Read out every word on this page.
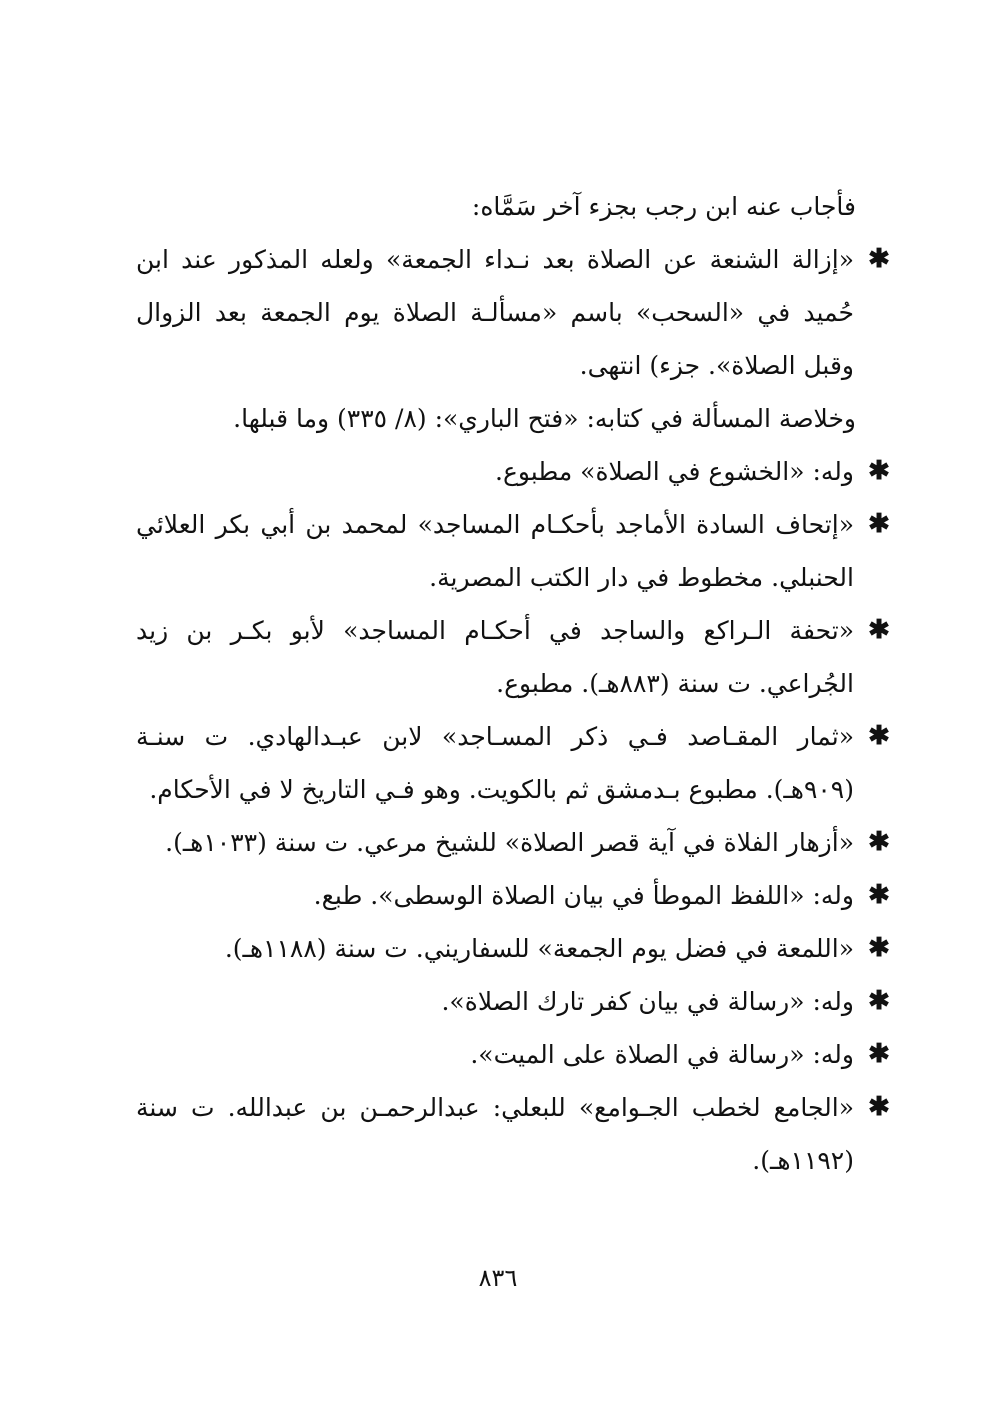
فأجاب عنه ابن رجب بجزء آخر سَمَّاه:

✱
«إزالة الشنعة عن الصلاة بعد نـداء الجمعة» ولعله المذكور عند ابن حُميد في «السحب» باسم «مسألـة الصلاة يوم الجمعة بعد الزوال وقبل الصلاة». جزء) انتهى.

وخلاصة المسألة في كتابه: «فتح الباري»: (٨/ ٣٣٥) وما قبلها.

✱
وله: «الخشوع في الصلاة» مطبوع.
✱
«إتحاف السادة الأماجد بأحكـام المساجد» لمحمد بن أبي بكر العلائي الحنبلي. مخطوط في دار الكتب المصرية.
✱
«تحفة الـراكع والساجد في أحكـام المساجد» لأبو بكـر بن زيد الجُراعي. ت سنة (٨٨٣هـ). مطبوع.
✱
«ثمار المقـاصد فـي ذكر المسـاجد» لابن عبـدالهادي. ت سنـة (٩٠٩هـ). مطبوع بـدمشق ثم بالكويت. وهو فـي التاريخ لا في الأحكام.
✱
«أزهار الفلاة في آية قصر الصلاة» للشيخ مرعي. ت سنة (١٠٣٣هـ).
✱
وله: «اللفظ الموطأ في بيان الصلاة الوسطى». طبع.
✱
«اللمعة في فضل يوم الجمعة» للسفاريني. ت سنة (١١٨٨هـ).
✱
وله: «رسالة في بيان كفر تارك الصلاة».
✱
وله: «رسالة في الصلاة على الميت».
✱
«الجامع لخطب الجـوامع» للبعلي: عبدالرحمـن بن عبدالله. ت سنة (١١٩٢هـ).
٨٣٦
